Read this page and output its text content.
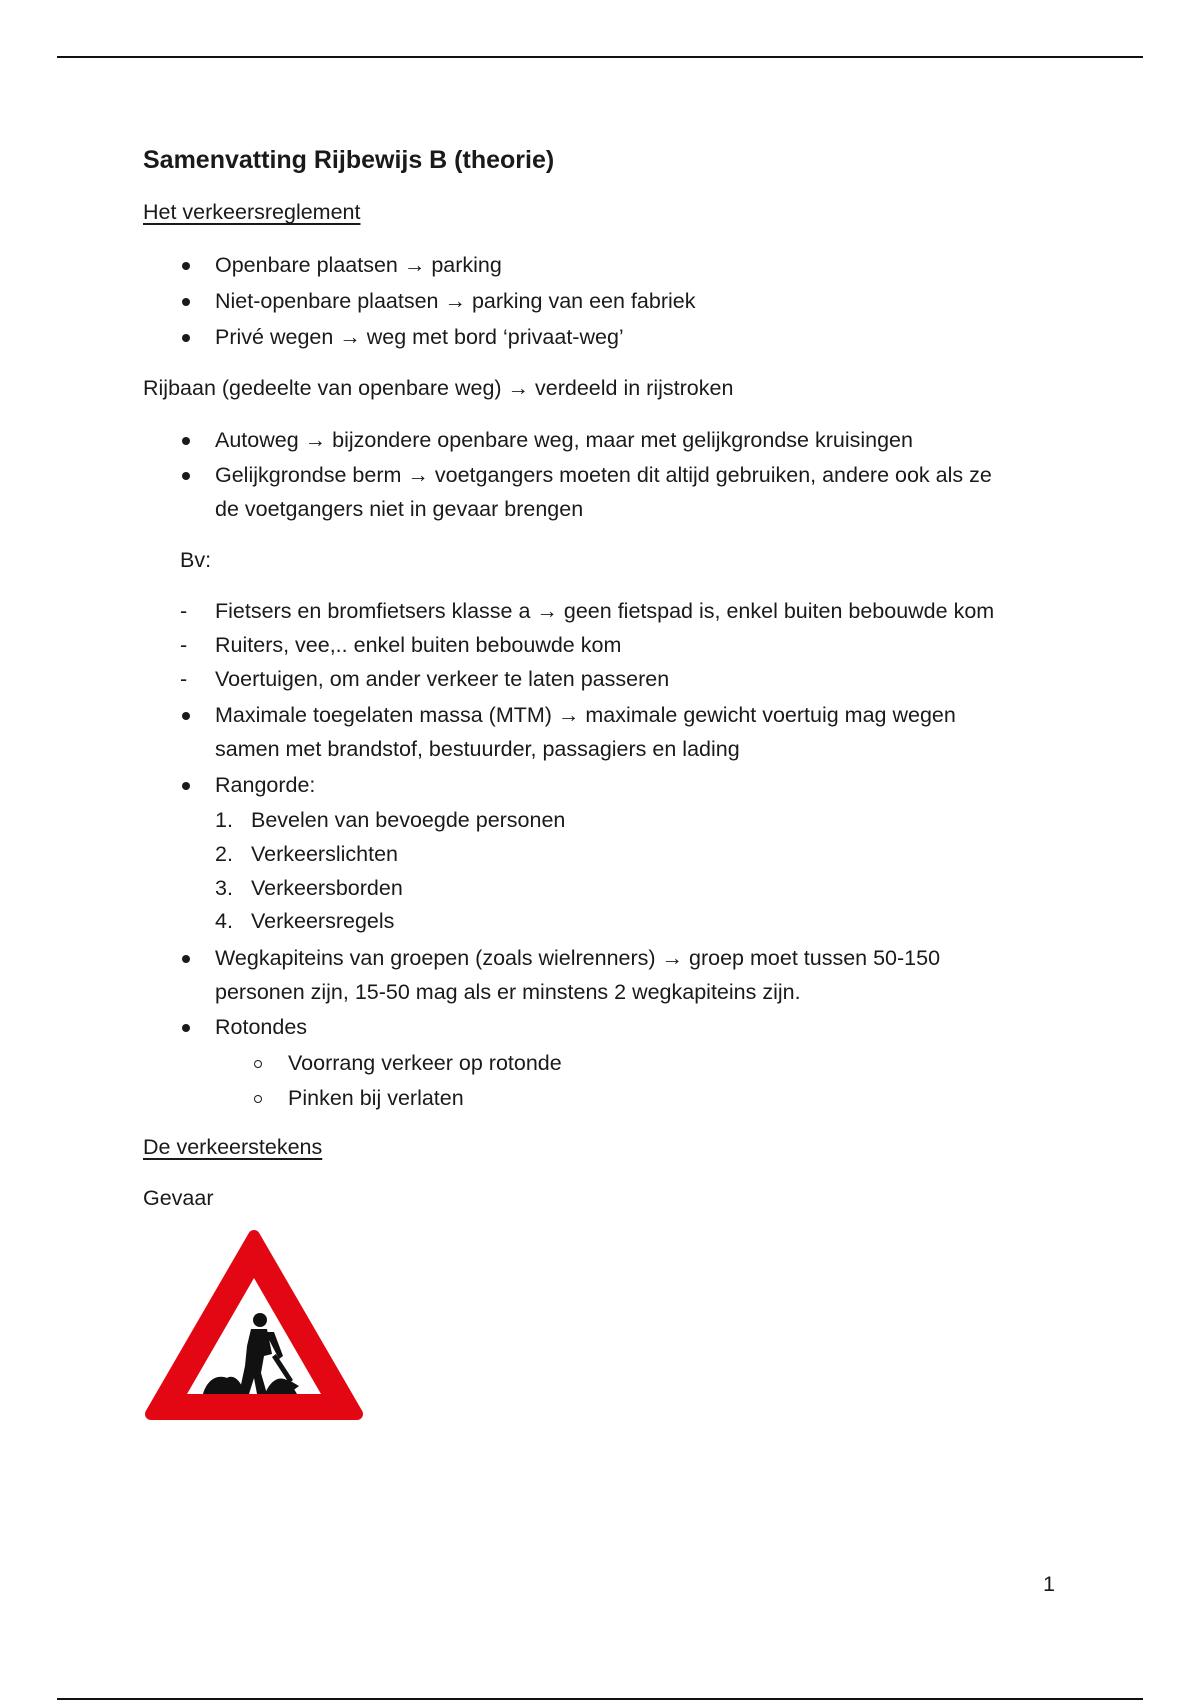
Samenvatting Rijbewijs B (theorie)
Het verkeersreglement
Openbare plaatsen → parking
Niet-openbare plaatsen → parking van een fabriek
Privé wegen → weg met bord ‘privaat-weg’
Rijbaan (gedeelte van openbare weg) → verdeeld in rijstroken
Autoweg → bijzondere openbare weg, maar met gelijkgrondse kruisingen
Gelijkgrondse berm → voetgangers moeten dit altijd gebruiken, andere ook als ze
de voetgangers niet in gevaar brengen
Bv:
- Fietsers en bromfietsers klasse a → geen fietspad is, enkel buiten bebouwde kom
- Ruiters, vee,.. enkel buiten bebouwde kom
- Voertuigen, om ander verkeer te laten passeren
Maximale toegelaten massa (MTM) → maximale gewicht voertuig mag wegen
samen met brandstof, bestuurder, passagiers en lading
Rangorde:
1. Bevelen van bevoegde personen
2. Verkeerslichten
3. Verkeersborden
4. Verkeersregels
Wegkapiteins van groepen (zoals wielrenners) → groep moet tussen 50-150
personen zijn, 15-50 mag als er minstens 2 wegkapiteins zijn.
Rotondes
Voorrang verkeer op rotonde
Pinken bij verlaten
De verkeerstekens
Gevaar
1
